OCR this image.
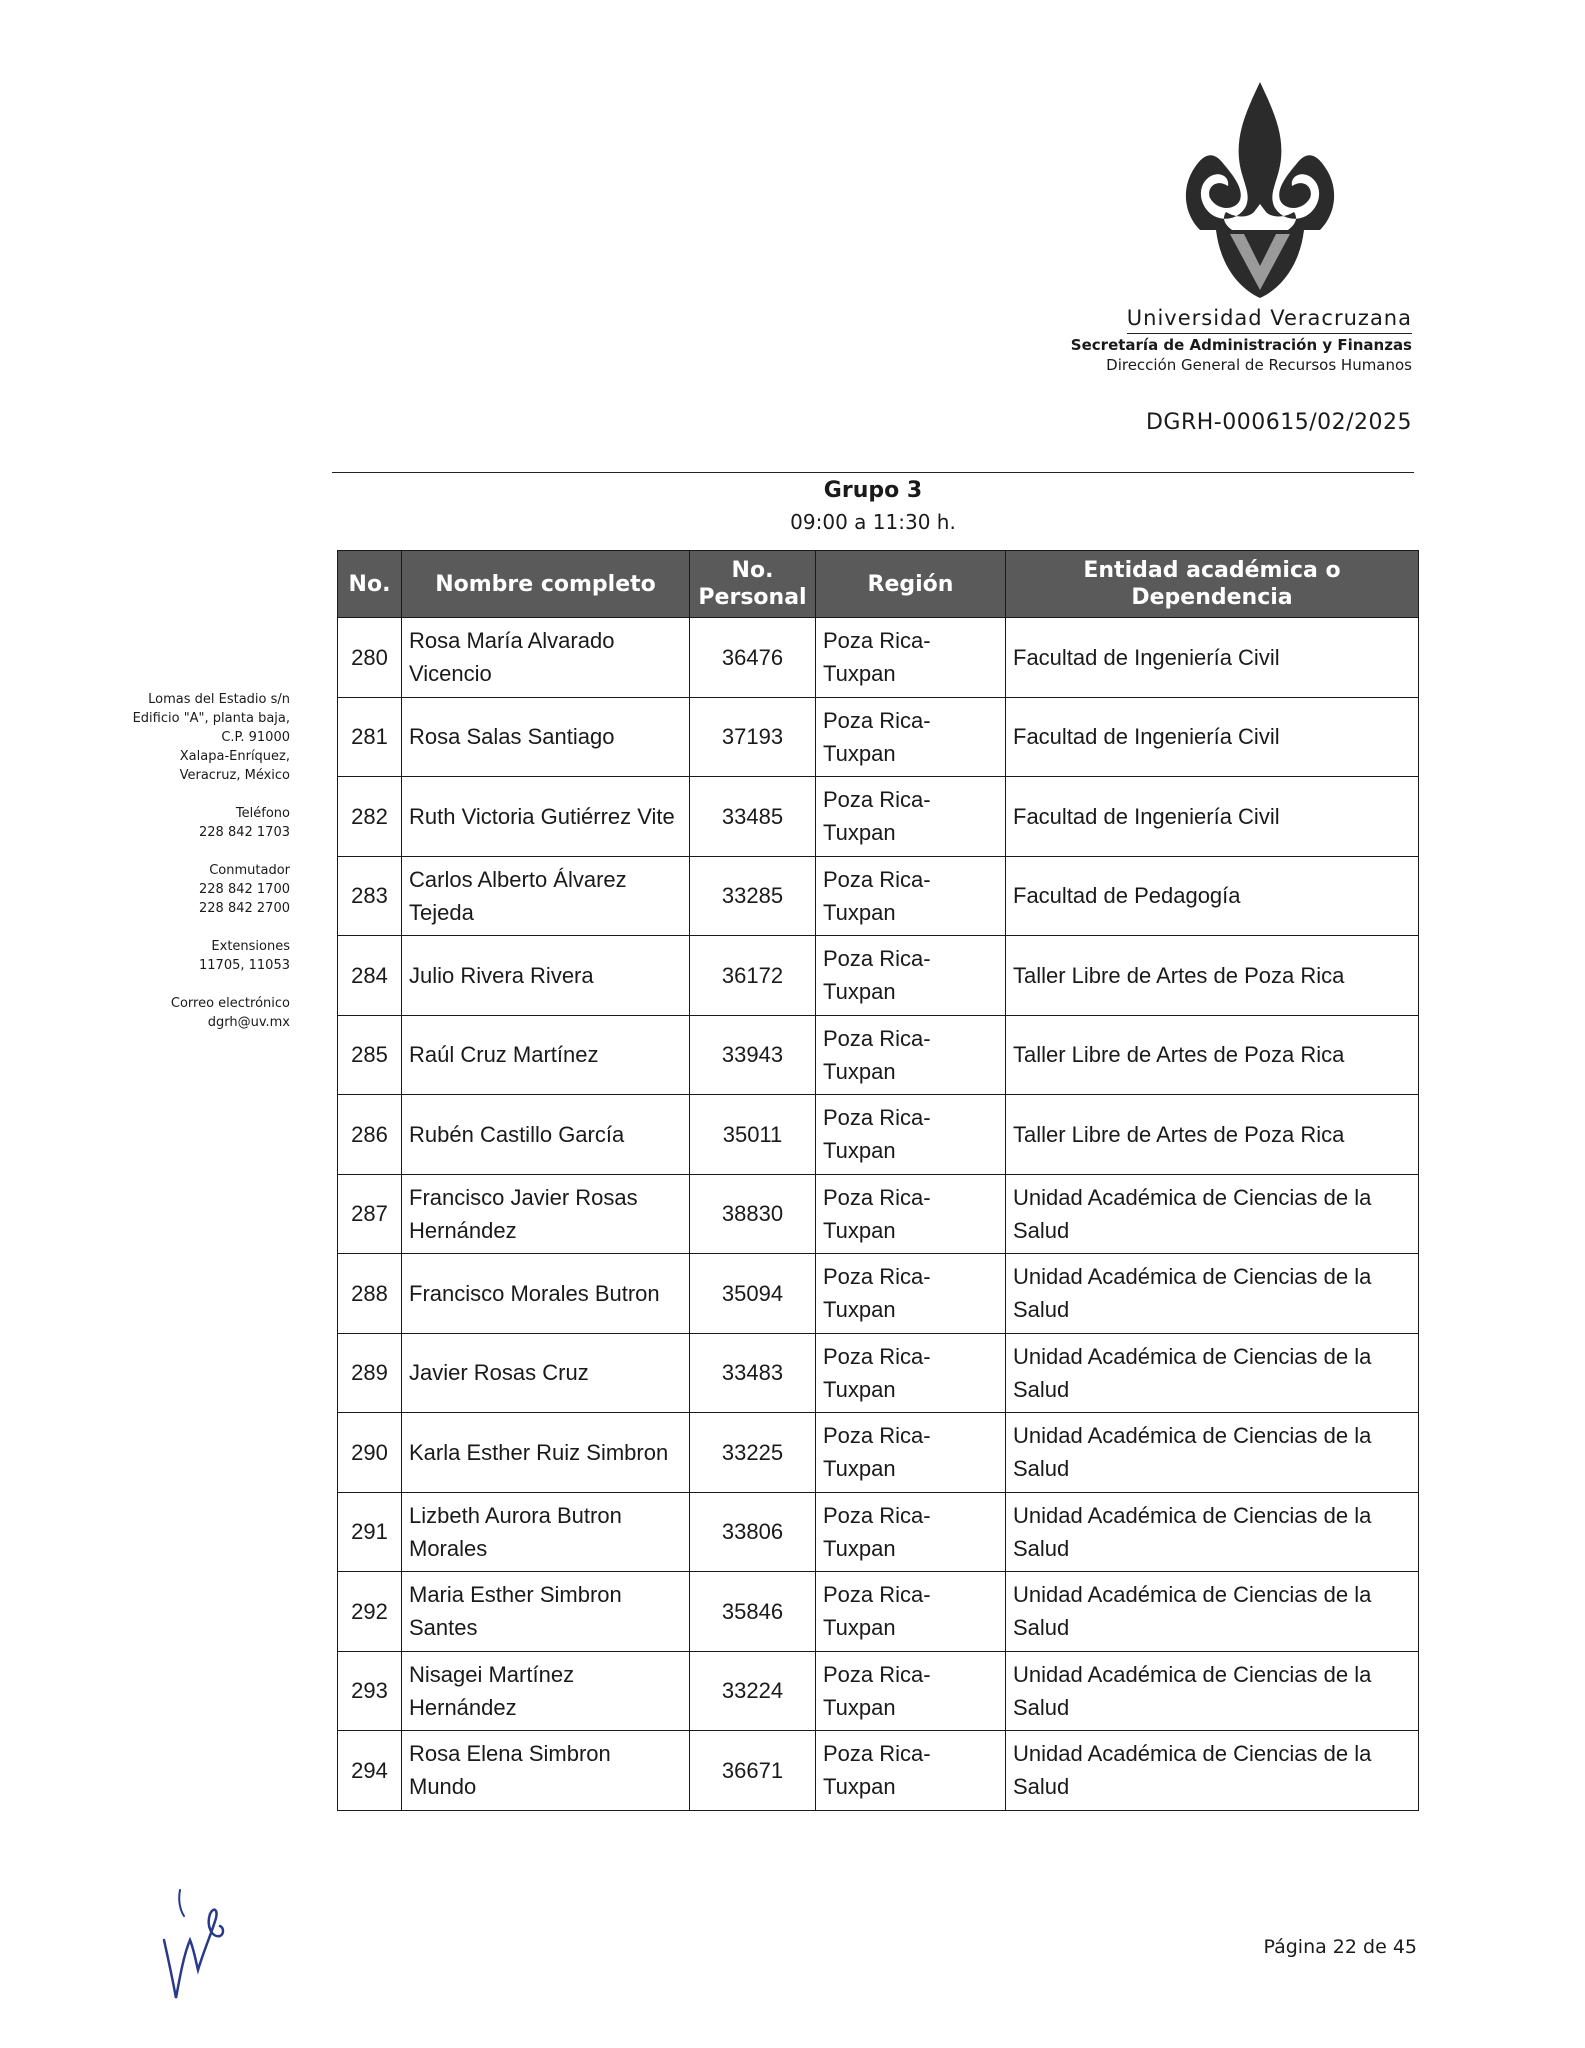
Universidad Veracruzana
Secretaría de Administración y Finanzas
Dirección General de Recursos Humanos
DGRH-000615/02/2025
Grupo 3
09:00 a 11:30 h.
Lomas del Estadio s/n
Edificio "A", planta baja,
C.P. 91000
Xalapa-Enríquez,
Veracruz, México
Teléfono
228 842 1703
Conmutador
228 842 1700
228 842 2700
Extensiones
11705, 11053
Correo electrónico
dgrh@uv.mx
No.	Nombre completo	No. Personal	Región	Entidad académica o Dependencia
280	Rosa María Alvarado Vicencio	36476	Poza Rica-Tuxpan	Facultad de Ingeniería Civil
281	Rosa Salas Santiago	37193	Poza Rica-Tuxpan	Facultad de Ingeniería Civil
282	Ruth Victoria Gutiérrez Vite	33485	Poza Rica-Tuxpan	Facultad de Ingeniería Civil
283	Carlos Alberto Álvarez Tejeda	33285	Poza Rica-Tuxpan	Facultad de Pedagogía
284	Julio Rivera Rivera	36172	Poza Rica-Tuxpan	Taller Libre de Artes de Poza Rica
285	Raúl Cruz Martínez	33943	Poza Rica-Tuxpan	Taller Libre de Artes de Poza Rica
286	Rubén Castillo García	35011	Poza Rica-Tuxpan	Taller Libre de Artes de Poza Rica
287	Francisco Javier Rosas Hernández	38830	Poza Rica-Tuxpan	Unidad Académica de Ciencias de la Salud
288	Francisco Morales Butron	35094	Poza Rica-Tuxpan	Unidad Académica de Ciencias de la Salud
289	Javier Rosas Cruz	33483	Poza Rica-Tuxpan	Unidad Académica de Ciencias de la Salud
290	Karla Esther Ruiz Simbron	33225	Poza Rica-Tuxpan	Unidad Académica de Ciencias de la Salud
291	Lizbeth Aurora Butron Morales	33806	Poza Rica-Tuxpan	Unidad Académica de Ciencias de la Salud
292	Maria Esther Simbron Santes	35846	Poza Rica-Tuxpan	Unidad Académica de Ciencias de la Salud
293	Nisagei Martínez Hernández	33224	Poza Rica-Tuxpan	Unidad Académica de Ciencias de la Salud
294	Rosa Elena Simbron Mundo	36671	Poza Rica-Tuxpan	Unidad Académica de Ciencias de la Salud
Página 22 de 45
